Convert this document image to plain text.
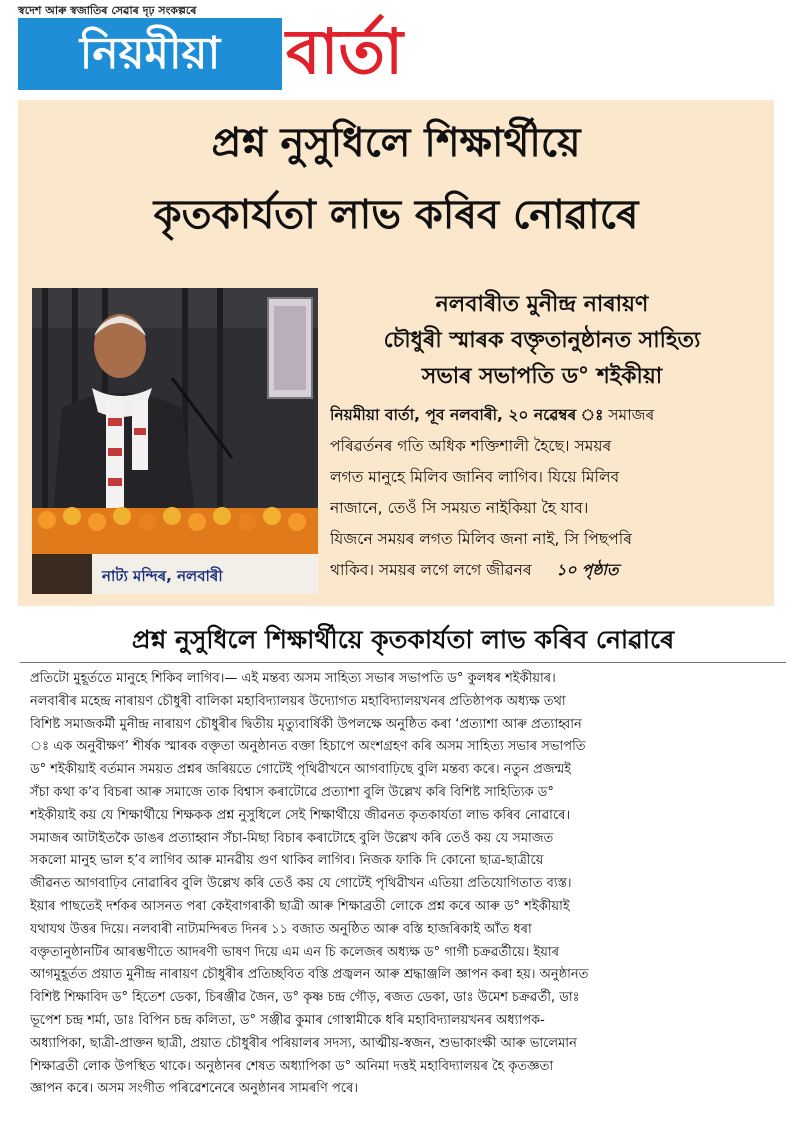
স্বদেশ আৰু স্বজাতিৰ সেৱাৰ দৃঢ় সংকল্পৰে
নিয়মীয়া	বাৰ্তা
প্ৰশ্ন নুসুধিলে শিক্ষাৰ্থীয়ে
কৃতকাৰ্যতা লাভ কৰিব নোৱাৰে
নাট্য মন্দিৰ, নলবাৰী
নলবাৰীত মুনীন্দ্ৰ নাৰায়ণ
চৌধুৰী স্মাৰক বক্তৃতানুষ্ঠানত সাহিত্য
সভাৰ সভাপতি ড° শইকীয়া
নিয়মীয়া বাৰ্তা, পূব নলবাৰী, ২০ নৱেম্বৰ ঃ সমাজৰ
পৰিৱৰ্তনৰ গতি অধিক শক্তিশালী হৈছে। সময়ৰ
লগত মানুহে মিলিব জানিব লাগিব। যিয়ে মিলিব
নাজানে, তেওঁ সি সময়ত নাইকিয়া হৈ যাব।
যিজনে সময়ৰ লগত মিলিব জনা নাই, সি পিছপৰি
থাকিব। সময়ৰ লগে লগে জীৱনৰ ১০ পৃষ্ঠাত
প্ৰশ্ন নুসুধিলে শিক্ষাৰ্থীয়ে কৃতকাৰ্যতা লাভ কৰিব নোৱাৰে
প্ৰতিটো মুহূৰ্ততে মানুহে শিকিব লাগিব।— এই মন্তব্য অসম সাহিত্য সভাৰ সভাপতি ড° কুলধৰ শইকীয়াৰ।
নলবাৰীৰ মহেন্দ্ৰ নাৰায়ণ চৌধুৰী বালিকা মহাবিদ্যালয়ৰ উদ্যোগত মহাবিদ্যালয়খনৰ প্ৰতিষ্ঠাপক অধ্যক্ষ তথা
বিশিষ্ট সমাজকৰ্মী মুনীন্দ্ৰ নাৰায়ণ চৌধুৰীৰ দ্বিতীয় মৃত্যুবাৰ্ষিকী উপলক্ষে অনুষ্ঠিত কৰা ‘প্ৰত্যাশা আৰু প্ৰত্যাহ্বান
ঃ এক অনুবীক্ষণ’ শীৰ্ষক স্মাৰক বক্তৃতা অনুষ্ঠানত বক্তা হিচাপে অংশগ্ৰহণ কৰি অসম সাহিত্য সভাৰ সভাপতি
ড° শইকীয়াই বৰ্তমান সময়ত প্ৰশ্নৰ জৰিয়তে গোটেই পৃথিৱীখনে আগবাঢ়িছে বুলি মন্তব্য কৰে। নতুন প্ৰজন্মই
সঁচা কথা ক’ব বিচৰা আৰু সমাজে তাক বিশ্বাস কৰাটোৱে প্ৰত্যাশা বুলি উল্লেখ কৰি বিশিষ্ট সাহিত্যিক ড°
শইকীয়াই কয় যে শিক্ষাৰ্থীয়ে শিক্ষকক প্ৰশ্ন নুসুধিলে সেই শিক্ষাৰ্থীয়ে জীৱনত কৃতকাৰ্যতা লাভ কৰিব নোৱাৰে।
সমাজৰ আটাইতকৈ ডাঙৰ প্ৰত্যাহ্বান সঁচা-মিছা বিচাৰ কৰাটোহে বুলি উল্লেখ কৰি তেওঁ কয় যে সমাজত
সকলো মানুহ ভাল হ’ব লাগিব আৰু মানৱীয় গুণ থাকিব লাগিব। নিজক ফাকি দি কোনো ছাত্ৰ-ছাত্ৰীয়ে
জীৱনত আগবাঢ়িব নোৱাৰিব বুলি উল্লেখ কৰি তেওঁ কয় যে গোটেই পৃথিৱীখন এতিয়া প্ৰতিযোগিতাত ব্যস্ত।
ইয়াৰ পাছতেই দৰ্শকৰ আসনত পৰা কেইবাগৰাকী ছাত্ৰী আৰু শিক্ষাব্ৰতী লোকে প্ৰশ্ন কৰে আৰু ড° শইকীয়াই
যথাযথ উত্তৰ দিয়ে। নলবাৰী নাট্যমন্দিৰত দিনৰ ১১ বজাত অনুষ্ঠিত আৰু বস্তি হাজৰিকাই আঁত ধৰা
বক্তৃতানুষ্ঠানটিৰ আৰম্ভণীতে আদৰণী ভাষণ দিয়ে এম এন চি কলেজৰ অধ্যক্ষ ড° গাৰ্গী চক্ৰৱৰ্তীয়ে। ইয়াৰ
আগমুহূৰ্তত প্ৰয়াত মুনীন্দ্ৰ নাৰায়ণ চৌধুৰীৰ প্ৰতিচ্ছবিত বস্তি প্ৰজ্বলন আৰু শ্ৰদ্ধাঞ্জলি জ্ঞাপন কৰা হয়। অনুষ্ঠানত
বিশিষ্ট শিক্ষাবিদ ড° হিতেশ ডেকা, চিৰঞ্জীৱ জৈন, ড° কৃষ্ণ চন্দ্ৰ গৌড়, ৰজত ডেকা, ডাঃ উমেশ চক্ৰৱৰ্তী, ডাঃ
ভূপেশ চন্দ্ৰ শৰ্মা, ডাঃ বিপিন চন্দ্ৰ কলিতা, ড° সঞ্জীৱ কুমাৰ গোস্বামীকে ধৰি মহাবিদ্যালয়খনৰ অধ্যাপক-
অধ্যাপিকা, ছাত্ৰী-প্ৰাক্তন ছাত্ৰী, প্ৰয়াত চৌধুৰীৰ পৰিয়ালৰ সদস্য, আত্মীয়-স্বজন, শুভাকাংক্ষী আৰু ভালেমান
শিক্ষাব্ৰতী লোক উপস্থিত থাকে। অনুষ্ঠানৰ শেষত অধ্যাপিকা ড° অনিমা দত্তই মহাবিদ্যালয়ৰ হৈ কৃতজ্ঞতা
জ্ঞাপন কৰে। অসম সংগীত পৰিৱেশনেৰে অনুষ্ঠানৰ সামৰণি পৰে।
